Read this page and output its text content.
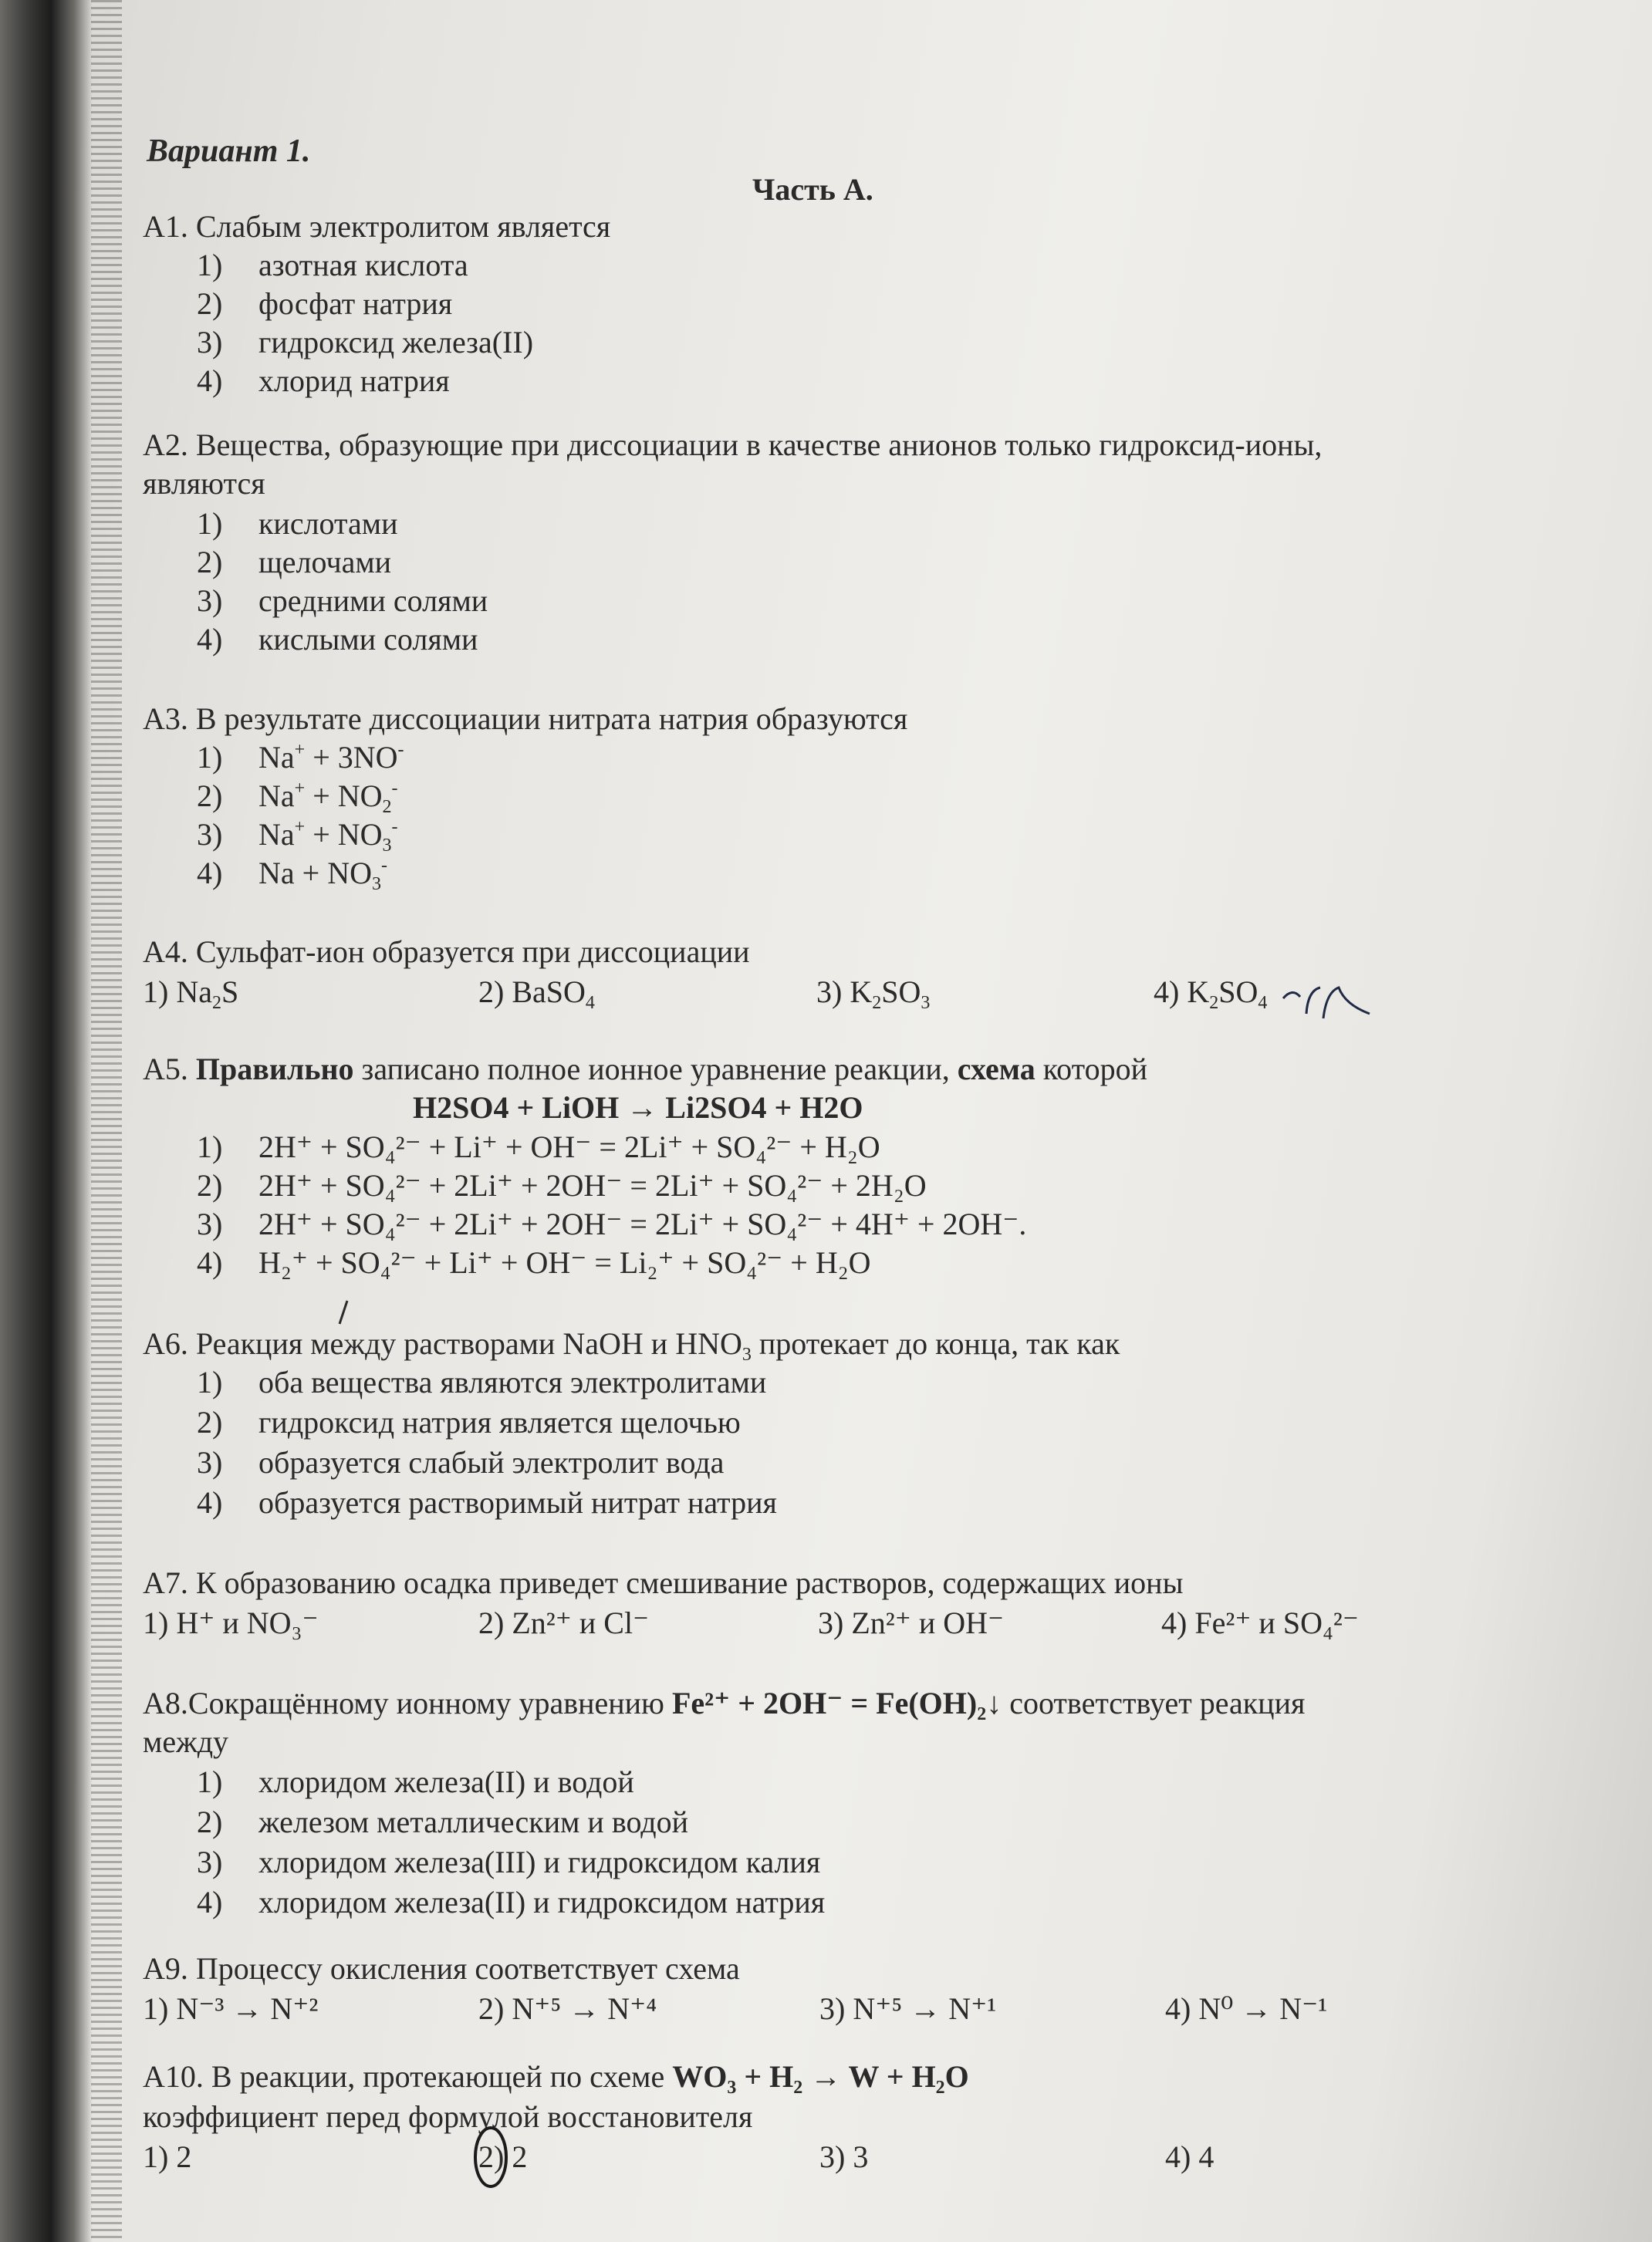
Вариант 1.
Часть А.
А1. Слабым электролитом является
1) азотная кислота
2) фосфат натрия
3) гидроксид железа(II)
4) хлорид натрия
А2. Вещества, образующие при диссоциации в качестве анионов только гидроксид-ионы,
являются
1) кислотами
2) щелочами
3) средними солями
4) кислыми солями
А3. В результате диссоциации нитрата натрия образуются
1) Na+ + 3NO-
2) $Na^+ + NO_2^-$
3) $Na^+ + NO_3^-$
4) $Na + NO_3^-$
А4. Сульфат-ион образуется при диссоциации
1) $Na_2S$	2) BaSO$_4$	3) $K_2SO_3$	4) $K_2SO_4$
А5. Правильно записано полное ионное уравнение реакции, схема которой
H2SO4 + LiOH → Li2SO4 + H2O
1) 2H⁺ + SO₄²⁻ + Li⁺ + OH⁻ = 2Li⁺ + SO₄²⁻ + H₂O
2) 2H⁺ + SO₄²⁻ + 2Li⁺ + 2OH⁻ = 2Li⁺ + SO₄²⁻ + 2H₂O
3) 2H⁺ + SO₄²⁻ + 2Li⁺ + 2OH⁻ = 2Li⁺ + SO₄²⁻ + 4H⁺ + 2OH⁻.
4) H₂⁺ + SO₄²⁻ + Li⁺ + OH⁻ = Li₂⁺ + SO₄²⁻ + H₂O
А6. Реакция между растворами NaOH и $HNO_3$ протекает до конца, так как
1) оба вещества являются электролитами
2) гидроксид натрия является щелочью
3) образуется слабый электролит вода
4) образуется растворимый нитрат натрия
А7. К образованию осадка приведет смешивание растворов, содержащих ионы
1) H⁺ и NO₃⁻	2) Zn²⁺ и Cl⁻	3) Zn²⁺ и OH⁻	4) Fe²⁺ и SO₄²⁻
А8.Сокращённому ионному уравнению Fe²⁺ + 2OH⁻ = Fe(OH)₂↓ соответствует реакция
между
1) хлоридом железа(II) и водой
2) железом металлическим и водой
3) хлоридом железа(III) и гидроксидом калия
4) хлоридом железа(II) и гидроксидом натрия
А9. Процессу окисления соответствует схема
1) N⁻³ → N⁺²	2) N⁺⁵ → N⁺⁴	3) N⁺⁵ → N⁺¹	4) N⁰ → N⁻¹
А10. В реакции, протекающей по схеме WO₃ + H₂ → W + H₂O
коэффициент перед формулой восстановителя
1) 2	2) 2	3) 3	4) 4
